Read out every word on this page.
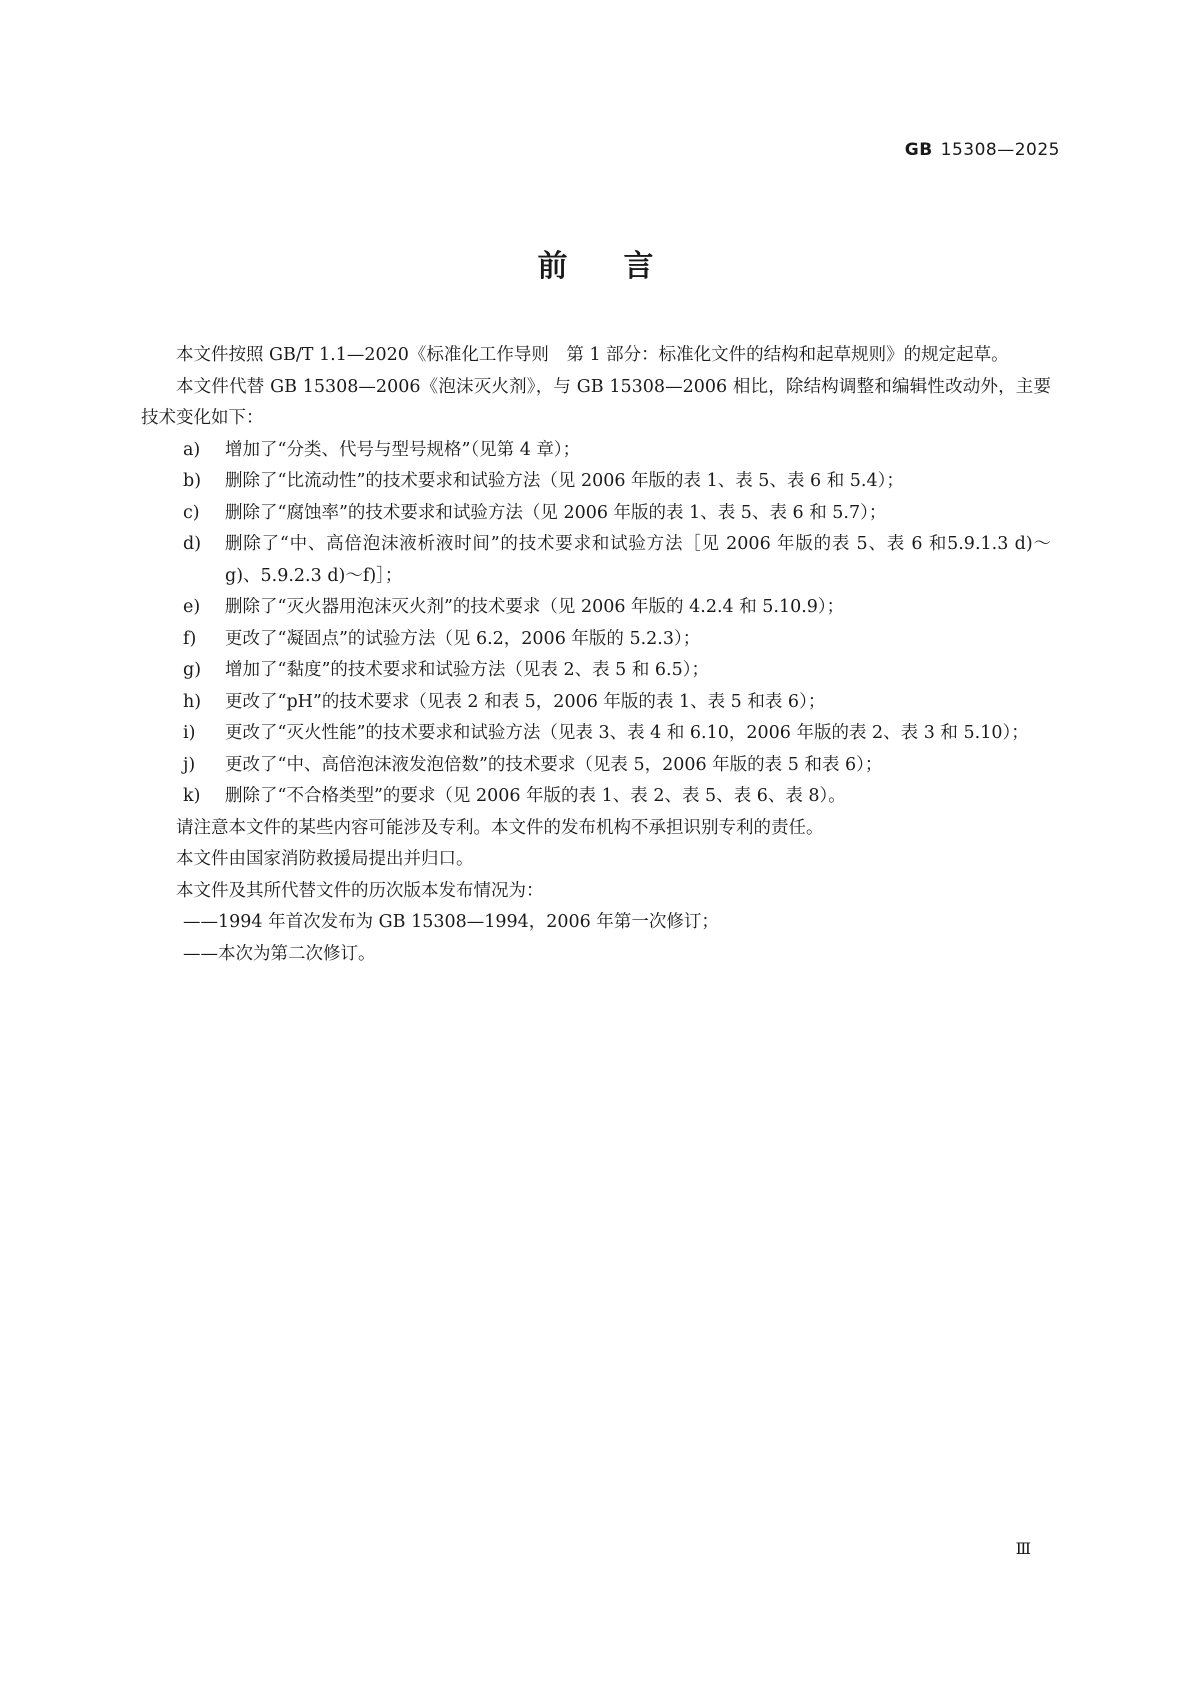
GB 15308—2025
前言

本文件按照 GB/T 1.1—2020《标准化工作导则　第 1 部分：标准化文件的结构和起草规则》的规定起草。

本文件代替 GB 15308—2006《泡沫灭火剂》，与 GB 15308—2006 相比，除结构调整和编辑性改动外，主要技术变化如下：

a) 增加了“分类、代号与型号规格”（见第 4 章）；
b) 删除了“比流动性”的技术要求和试验方法（见 2006 年版的表 1、表 5、表 6 和 5.4）；
c) 删除了“腐蚀率”的技术要求和试验方法（见 2006 年版的表 1、表 5、表 6 和 5.7）；
d) 删除了“中、高倍泡沫液析液时间”的技术要求和试验方法［见 2006 年版的表 5、表 6 和5.9.1.3 d)～g)、5.9.2.3 d)～f)］；
e) 删除了“灭火器用泡沫灭火剂”的技术要求（见 2006 年版的 4.2.4 和 5.10.9）；
f) 更改了“凝固点”的试验方法（见 6.2，2006 年版的 5.2.3）；
g) 增加了“黏度”的技术要求和试验方法（见表 2、表 5 和 6.5）；
h) 更改了“pH”的技术要求（见表 2 和表 5，2006 年版的表 1、表 5 和表 6）；
i) 更改了“灭火性能”的技术要求和试验方法（见表 3、表 4 和 6.10，2006 年版的表 2、表 3 和 5.10）；
j) 更改了“中、高倍泡沫液发泡倍数”的技术要求（见表 5，2006 年版的表 5 和表 6）；
k) 删除了“不合格类型”的要求（见 2006 年版的表 1、表 2、表 5、表 6、表 8）。

请注意本文件的某些内容可能涉及专利。本文件的发布机构不承担识别专利的责任。

本文件由国家消防救援局提出并归口。

本文件及其所代替文件的历次版本发布情况为：

——1994 年首次发布为 GB 15308—1994，2006 年第一次修订；

——本次为第二次修订。

Ⅲ
